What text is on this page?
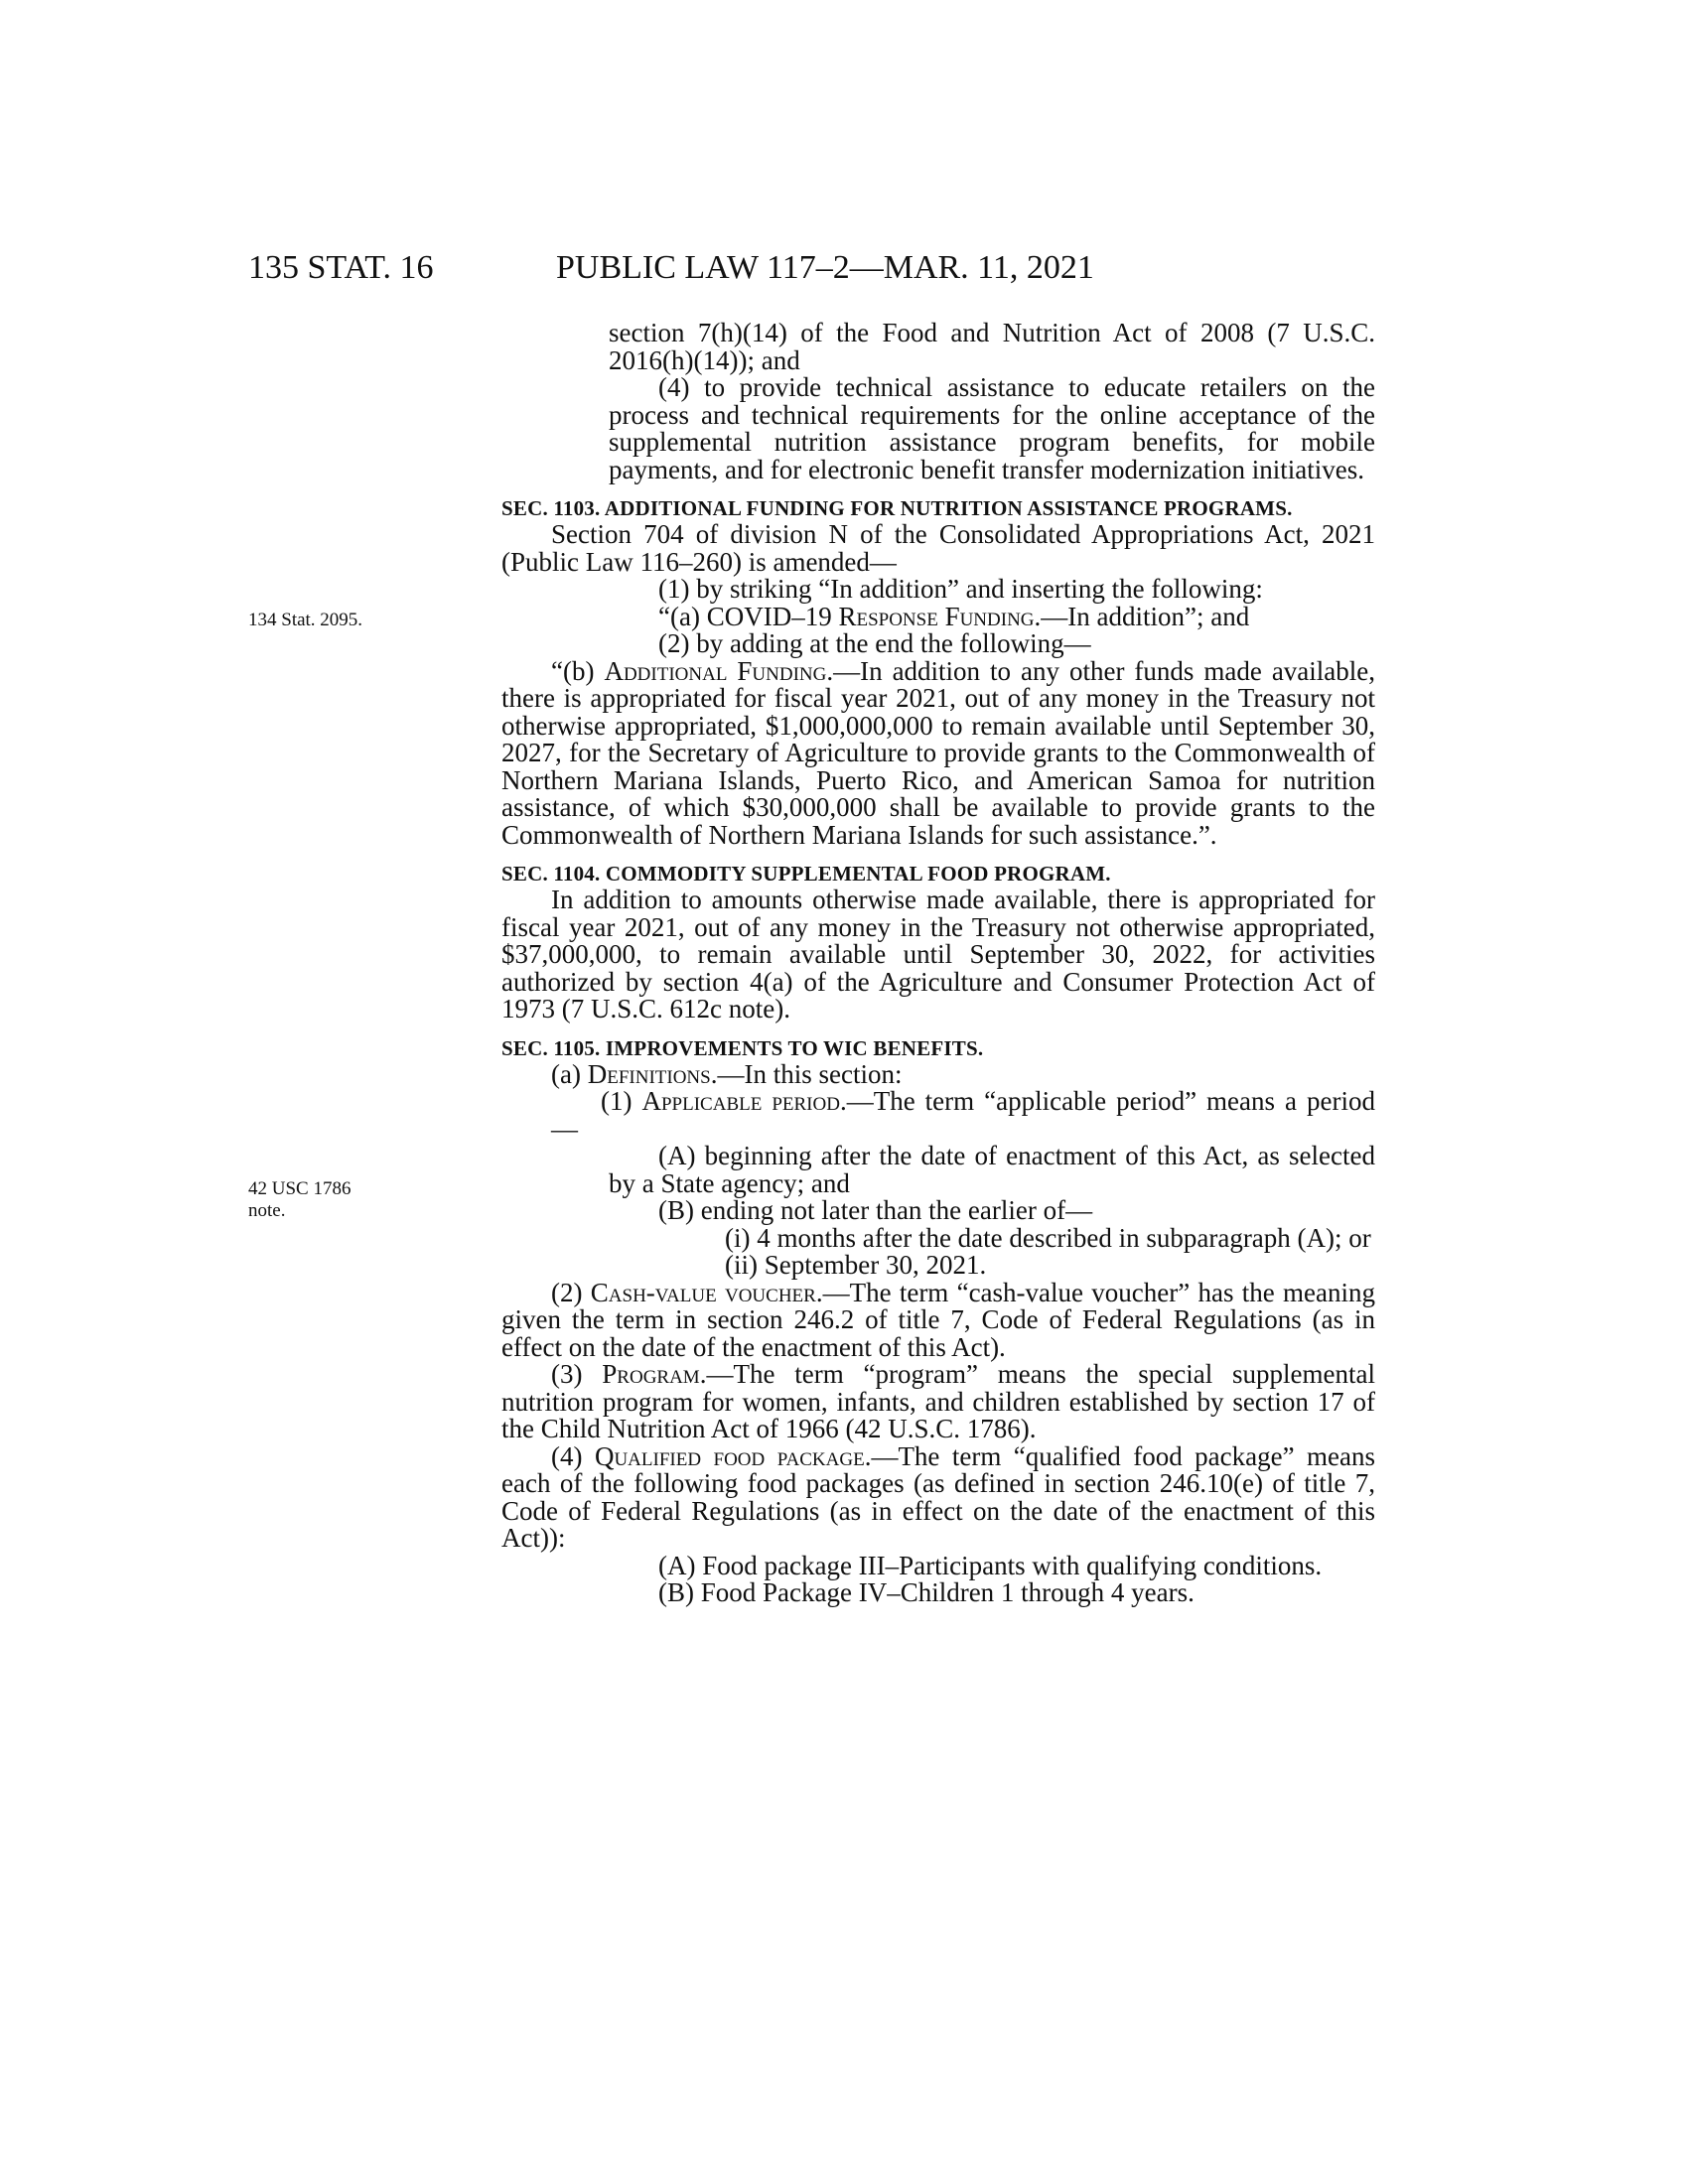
135 STAT. 16	PUBLIC LAW 117–2—MAR. 11, 2021
134 Stat. 2095.
42 USC 1786
note.

section 7(h)(14) of the Food and Nutrition Act of 2008 (7 U.S.C. 2016(h)(14)); and

(4) to provide technical assistance to educate retailers on the process and technical requirements for the online acceptance of the supplemental nutrition assistance program benefits, for mobile payments, and for electronic benefit transfer modernization initiatives.

SEC. 1103. ADDITIONAL FUNDING FOR NUTRITION ASSISTANCE PROGRAMS.

Section 704 of division N of the Consolidated Appropriations Act, 2021 (Public Law 116–260) is amended—

(1) by striking “In addition” and inserting the following:

“(a) COVID–19 Response Funding.—In addition”; and

(2) by adding at the end the following—

“(b) Additional Funding.—In addition to any other funds made available, there is appropriated for fiscal year 2021, out of any money in the Treasury not otherwise appropriated, $1,000,000,000 to remain available until September 30, 2027, for the Secretary of Agriculture to provide grants to the Commonwealth of Northern Mariana Islands, Puerto Rico, and American Samoa for nutrition assistance, of which $30,000,000 shall be available to provide grants to the Commonwealth of Northern Mariana Islands for such assistance.”.

SEC. 1104. COMMODITY SUPPLEMENTAL FOOD PROGRAM.

In addition to amounts otherwise made available, there is appropriated for fiscal year 2021, out of any money in the Treasury not otherwise appropriated, $37,000,000, to remain available until September 30, 2022, for activities authorized by section 4(a) of the Agriculture and Consumer Protection Act of 1973 (7 U.S.C. 612c note).

SEC. 1105. IMPROVEMENTS TO WIC BENEFITS.

(a) Definitions.—In this section:

(1) Applicable period.—The term “applicable period” means a period—

(A) beginning after the date of enactment of this Act, as selected by a State agency; and

(B) ending not later than the earlier of—

(i) 4 months after the date described in subparagraph (A); or

(ii) September 30, 2021.

(2) Cash-value voucher.—The term “cash-value voucher” has the meaning given the term in section 246.2 of title 7, Code of Federal Regulations (as in effect on the date of the enactment of this Act).

(3) Program.—The term “program” means the special supplemental nutrition program for women, infants, and children established by section 17 of the Child Nutrition Act of 1966 (42 U.S.C. 1786).

(4) Qualified food package.—The term “qualified food package” means each of the following food packages (as defined in section 246.10(e) of title 7, Code of Federal Regulations (as in effect on the date of the enactment of this Act)):

(A) Food package III–Participants with qualifying conditions.

(B) Food Package IV–Children 1 through 4 years.
